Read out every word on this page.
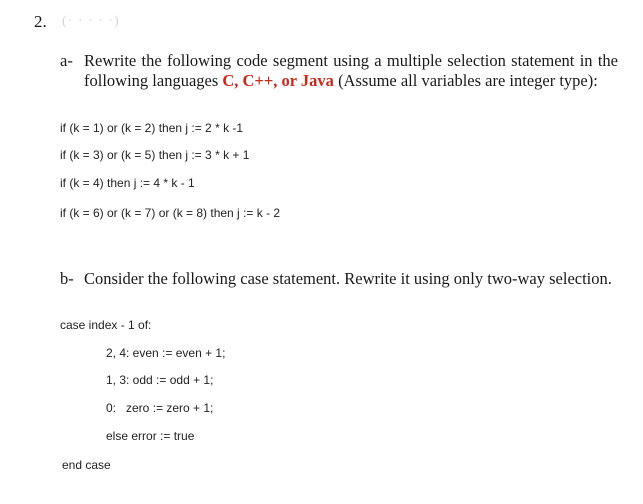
2. (· · · · ·)
a- Rewrite the following code segment using a multiple selection statement in the
following languages C, C++, or Java (Assume all variables are integer type):
if (k = 1) or (k = 2) then j := 2 * k -1
if (k = 3) or (k = 5) then j := 3 * k + 1
if (k = 4) then j := 4 * k - 1
if (k = 6) or (k = 7) or (k = 8) then j := k - 2
b- Consider the following case statement. Rewrite it using only two-way selection.
case index - 1 of:
2, 4: even := even + 1;
1, 3: odd := odd + 1;
0:   zero := zero + 1;
else error := true
end case
